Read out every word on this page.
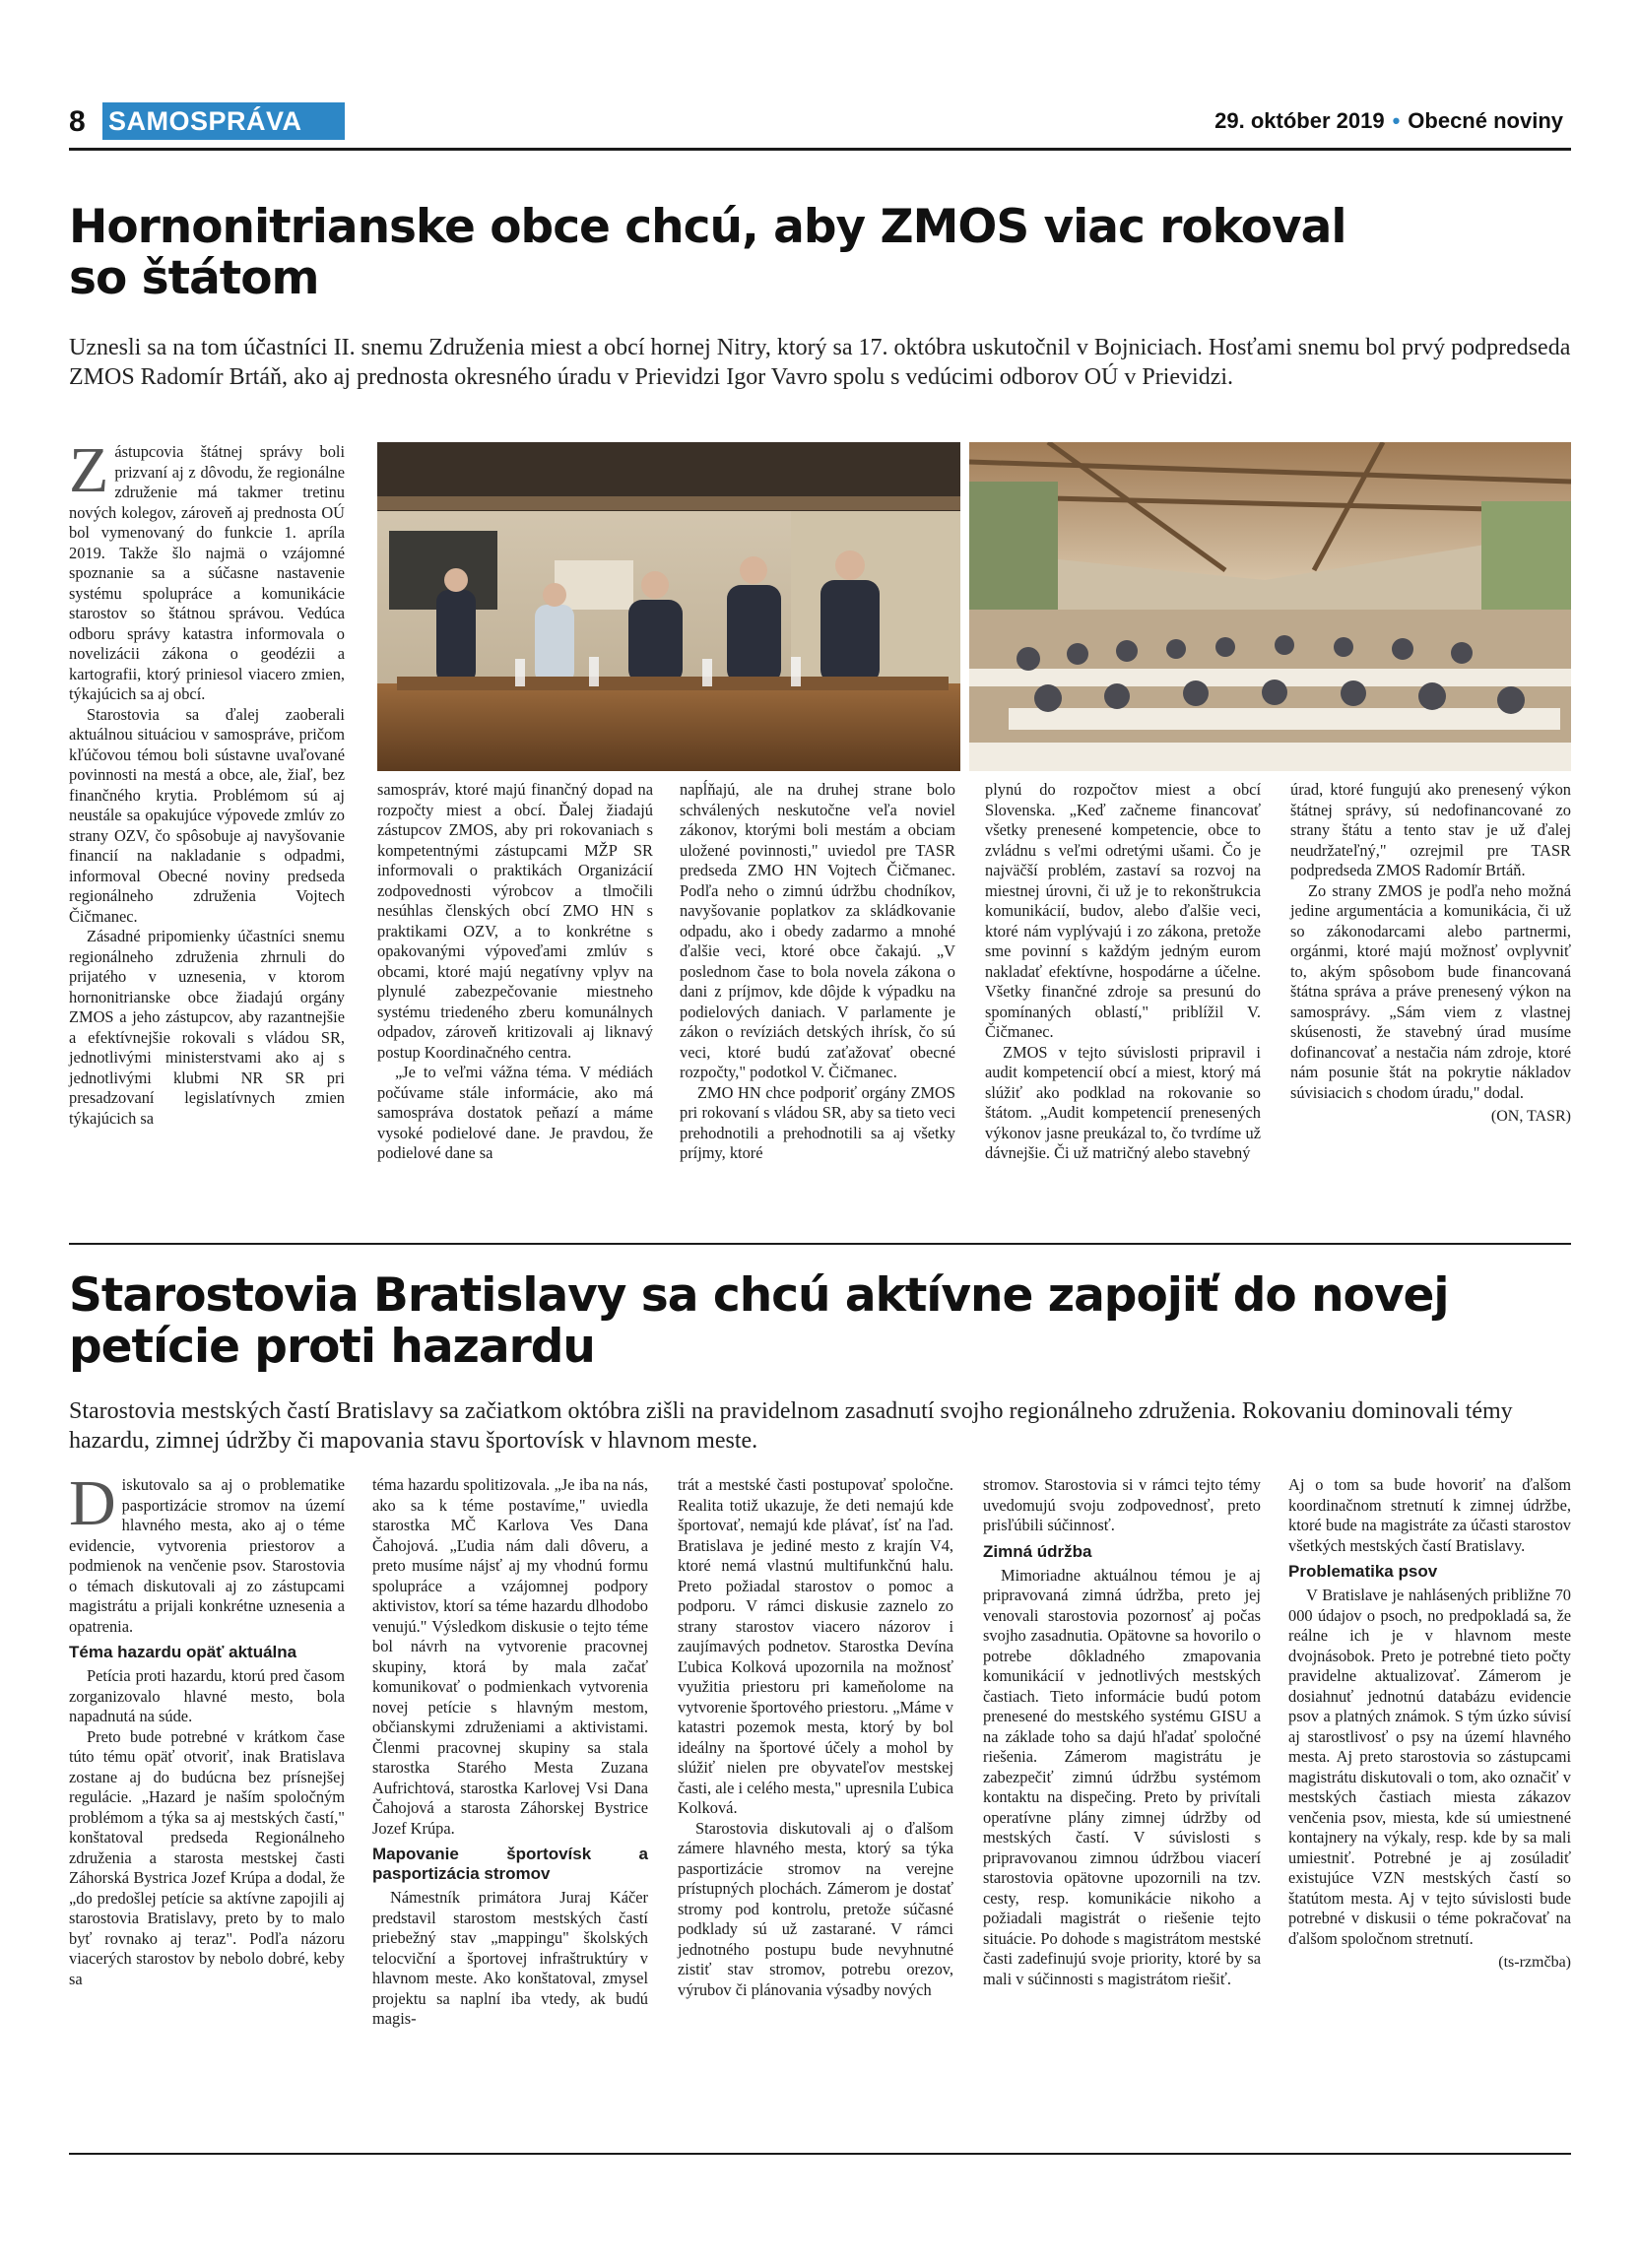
8 SAMOSPRÁVA	29. október 2019 • Obecné noviny
Hornonitrianske obce chcú, aby ZMOS viac rokoval
so štátom
Uznesli sa na tom účastníci II. snemu Združenia miest a obcí hornej Nitry, ktorý sa 17. októbra uskutočnil v Bojniciach. Hosťami snemu bol prvý podpredseda ZMOS Radomír Brtáň, ako aj prednosta okresného úradu v Prievidzi Igor Vavro spolu s vedúcimi odborov OÚ v Prievidzi.

Zástupcovia štátnej správy boli prizvaní aj z dôvodu, že regionálne združenie má takmer tretinu nových kolegov, zároveň aj prednosta OÚ bol vymenovaný do funkcie 1. apríla 2019. Takže šlo najmä o vzájomné spoznanie sa a súčasne nastavenie systému spolupráce a komunikácie starostov so štátnou správou. Vedúca odboru správy katastra informovala o novelizácii zákona o geodézii a kartografii, ktorý priniesol viacero zmien, týkajúcich sa aj obcí.

Starostovia sa ďalej zaoberali aktuálnou situáciou v samospráve, pričom kľúčovou témou boli sústavne uvaľované povinnosti na mestá a obce, ale, žiaľ, bez finančného krytia. Problémom sú aj neustále sa opakujúce výpovede zmlúv zo strany OZV, čo spôsobuje aj navyšovanie financií na nakladanie s odpadmi, informoval Obecné noviny predseda regionálneho združenia Vojtech Čičmanec.

Zásadné pripomienky účastníci snemu regionálneho združenia zhrnuli do prijatého v uznesenia, v ktorom hornonitrianske obce žiadajú orgány ZMOS a jeho zástupcov, aby razantnejšie a efektívnejšie rokovali s vládou SR, jednotlivými ministerstvami ako aj s jednotlivými klubmi NR SR pri presadzovaní legislatívnych zmien týkajúcich sa

samospráv, ktoré majú finančný dopad na rozpočty miest a obcí. Ďalej žiadajú zástupcov ZMOS, aby pri rokovaniach s kompetentnými zástupcami MŽP SR informovali o praktikách Organizácií zodpovednosti výrobcov a tlmočili nesúhlas členských obcí ZMO HN s praktikami OZV, a to konkrétne s opakovanými výpoveďami zmlúv s obcami, ktoré majú negatívny vplyv na plynulé zabezpečovanie miestneho systému triedeného zberu komunálnych odpadov, zároveň kritizovali aj liknavý postup Koordinačného centra.

„Je to veľmi vážna téma. V médiách počúvame stále informácie, ako má samospráva dostatok peňazí a máme vysoké podielové dane. Je pravdou, že podielové dane sa

napĺňajú, ale na druhej strane bolo schválených neskutočne veľa noviel zákonov, ktorými boli mestám a obciam uložené povinnosti," uviedol pre TASR predseda ZMO HN Vojtech Čičmanec. Podľa neho o zimnú údržbu chodníkov, navyšovanie poplatkov za skládkovanie odpadu, ako i obedy zadarmo a mnohé ďalšie veci, ktoré obce čakajú. „V poslednom čase to bola novela zákona o dani z príjmov, kde dôjde k výpadku na podielových daniach. V parlamente je zákon o revíziách detských ihrísk, čo sú veci, ktoré budú zaťažovať obecné rozpočty," podotkol V. Čičmanec.

ZMO HN chce podporiť orgány ZMOS pri rokovaní s vládou SR, aby sa tieto veci prehodnotili a prehodnotili sa aj všetky príjmy, ktoré

plynú do rozpočtov miest a obcí Slovenska. „Keď začneme financovať všetky prenesené kompetencie, obce to zvládnu s veľmi odretými ušami. Čo je najväčší problém, zastaví sa rozvoj na miestnej úrovni, či už je to rekonštrukcia komunikácií, budov, alebo ďalšie veci, ktoré nám vyplývajú i zo zákona, pretože sme povinní s každým jedným eurom nakladať efektívne, hospodárne a účelne. Všetky finančné zdroje sa presunú do spomínaných oblastí," priblížil V. Čičmanec.

ZMOS v tejto súvislosti pripravil i audit kompetencií obcí a miest, ktorý má slúžiť ako podklad na rokovanie so štátom. „Audit kompetencií prenesených výkonov jasne preukázal to, čo tvrdíme už dávnejšie. Či už matričný alebo stavebný

úrad, ktoré fungujú ako prenesený výkon štátnej správy, sú nedofinancované zo strany štátu a tento stav je už ďalej neudržateľný," ozrejmil pre TASR podpredseda ZMOS Radomír Brtáň.

Zo strany ZMOS je podľa neho možná jedine argumentácia a komunikácia, či už so zákonodarcami alebo partnermi, orgánmi, ktoré majú možnosť ovplyvniť to, akým spôsobom bude financovaná štátna správa a práve prenesený výkon na samosprávy. „Sám viem z vlastnej skúsenosti, že stavebný úrad musíme dofinancovať a nestačia nám zdroje, ktoré nám posunie štát na pokrytie nákladov súvisiacich s chodom úradu," dodal.

(ON, TASR)
Starostovia Bratislavy sa chcú aktívne zapojiť do novej
petície proti hazardu
Starostovia mestských častí Bratislavy sa začiatkom októbra zišli na pravidelnom zasadnutí svojho regionálneho združenia. Rokovaniu dominovali témy hazardu, zimnej údržby či mapovania stavu športovísk v hlavnom meste.

Diskutovalo sa aj o problematike pasportizácie stromov na území hlavného mesta, ako aj o téme evidencie, vytvorenia priestorov a podmienok na venčenie psov. Starostovia o témach diskutovali aj zo zástupcami magistrátu a prijali konkrétne uznesenia a opatrenia.

Téma hazardu opäť aktuálna

Petícia proti hazardu, ktorú pred časom zorganizovalo hlavné mesto, bola napadnutá na súde.

Preto bude potrebné v krátkom čase túto tému opäť otvoriť, inak Bratislava zostane aj do budúcna bez prísnejšej regulácie. „Hazard je naším spoločným problémom a týka sa aj mestských častí," konštatoval predseda Regionálneho združenia a starosta mestskej časti Záhorská Bystrica Jozef Krúpa a dodal, že „do predošlej petície sa aktívne zapojili aj starostovia Bratislavy, preto by to malo byť rovnako aj teraz". Podľa názoru viacerých starostov by nebolo dobré, keby sa

téma hazardu spolitizovala. „Je iba na nás, ako sa k téme postavíme," uviedla starostka MČ Karlova Ves Dana Čahojová. „Ľudia nám dali dôveru, a preto musíme nájsť aj my vhodnú formu spolupráce a vzájomnej podpory aktivistov, ktorí sa téme hazardu dlhodobo venujú." Výsledkom diskusie o tejto téme bol návrh na vytvorenie pracovnej skupiny, ktorá by mala začať komunikovať o podmienkach vytvorenia novej petície s hlavným mestom, občianskymi združeniami a aktivistami. Členmi pracovnej skupiny sa stala starostka Starého Mesta Zuzana Aufrichtová, starostka Karlovej Vsi Dana Čahojová a starosta Záhorskej Bystrice Jozef Krúpa.

Mapovanie športovísk a pasportizácia stromov

Námestník primátora Juraj Káčer predstavil starostom mestských častí priebežný stav „mappingu" školských telocviční a športovej infraštruktúry v hlavnom meste. Ako konštatoval, zmysel projektu sa naplní iba vtedy, ak budú magis-

trát a mestské časti postupovať spoločne. Realita totiž ukazuje, že deti nemajú kde športovať, nemajú kde plávať, ísť na ľad. Bratislava je jediné mesto z krajín V4, ktoré nemá vlastnú multifunkčnú halu. Preto požiadal starostov o pomoc a podporu. V rámci diskusie zaznelo zo strany starostov viacero názorov i zaujímavých podnetov. Starostka Devína Ľubica Kolková upozornila na možnosť využitia priestoru pri kameňolome na vytvorenie športového priestoru. „Máme v katastri pozemok mesta, ktorý by bol ideálny na športové účely a mohol by slúžiť nielen pre obyvateľov mestskej časti, ale i celého mesta," upresnila Ľubica Kolková.

Starostovia diskutovali aj o ďalšom zámere hlavného mesta, ktorý sa týka pasportizácie stromov na verejne prístupných plochách. Zámerom je dostať stromy pod kontrolu, pretože súčasné podklady sú už zastarané. V rámci jednotného postupu bude nevyhnutné zistiť stav stromov, potrebu orezov, výrubov či plánovania výsadby nových

stromov. Starostovia si v rámci tejto témy uvedomujú svoju zodpovednosť, preto prisľúbili súčinnosť.

Zimná údržba

Mimoriadne aktuálnou témou je aj pripravovaná zimná údržba, preto jej venovali starostovia pozornosť aj počas svojho zasadnutia. Opätovne sa hovorilo o potrebe dôkladného zmapovania komunikácií v jednotlivých mestských častiach. Tieto informácie budú potom prenesené do mestského systému GISU a na základe toho sa dajú hľadať spoločné riešenia. Zámerom magistrátu je zabezpečiť zimnú údržbu systémom kontaktu na dispečing. Preto by privítali operatívne plány zimnej údržby od mestských častí. V súvislosti s pripravovanou zimnou údržbou viacerí starostovia opätovne upozornili na tzv. cesty, resp. komunikácie nikoho a požiadali magistrát o riešenie tejto situácie. Po dohode s magistrátom mestské časti zadefinujú svoje priority, ktoré by sa mali v súčinnosti s magistrátom riešiť.

Aj o tom sa bude hovoriť na ďalšom koordinačnom stretnutí k zimnej údržbe, ktoré bude na magistráte za účasti starostov všetkých mestských častí Bratislavy.

Problematika psov

V Bratislave je nahlásených približne 70 000 údajov o psoch, no predpokladá sa, že reálne ich je v hlavnom meste dvojnásobok. Preto je potrebné tieto počty pravidelne aktualizovať. Zámerom je dosiahnuť jednotnú databázu evidencie psov a platných známok. S tým úzko súvisí aj starostlivosť o psy na území hlavného mesta. Aj preto starostovia so zástupcami magistrátu diskutovali o tom, ako označiť v mestských častiach miesta zákazov venčenia psov, miesta, kde sú umiestnené kontajnery na výkaly, resp. kde by sa mali umiestniť. Potrebné je aj zosúladiť existujúce VZN mestských častí so štatútom mesta. Aj v tejto súvislosti bude potrebné v diskusii o téme pokračovať na ďalšom spoločnom stretnutí.

(ts-rzmčba)
